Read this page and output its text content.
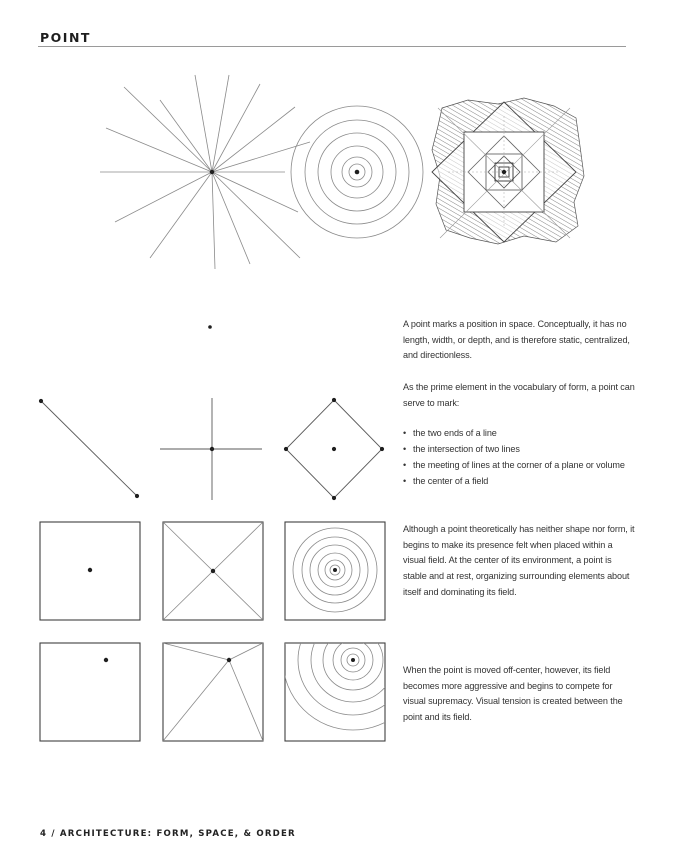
POINT

A point marks a position in space. Conceptually, it has no length, width, or depth, and is therefore static, centralized, and directionless.

As the prime element in the vocabulary of form, a point can serve to mark:

• the two ends of a line
• the intersection of two lines
• the meeting of lines at the corner of a plane or volume
• the center of a field

Although a point theoretically has neither shape nor form, it begins to make its presence felt when placed within a visual field. At the center of its environment, a point is stable and at rest, organizing surrounding elements about itself and dominating its field.

When the point is moved off-center, however, its field becomes more aggressive and begins to compete for visual supremacy. Visual tension is created between the point and its field.

4 / ARCHITECTURE: FORM, SPACE, & ORDER
